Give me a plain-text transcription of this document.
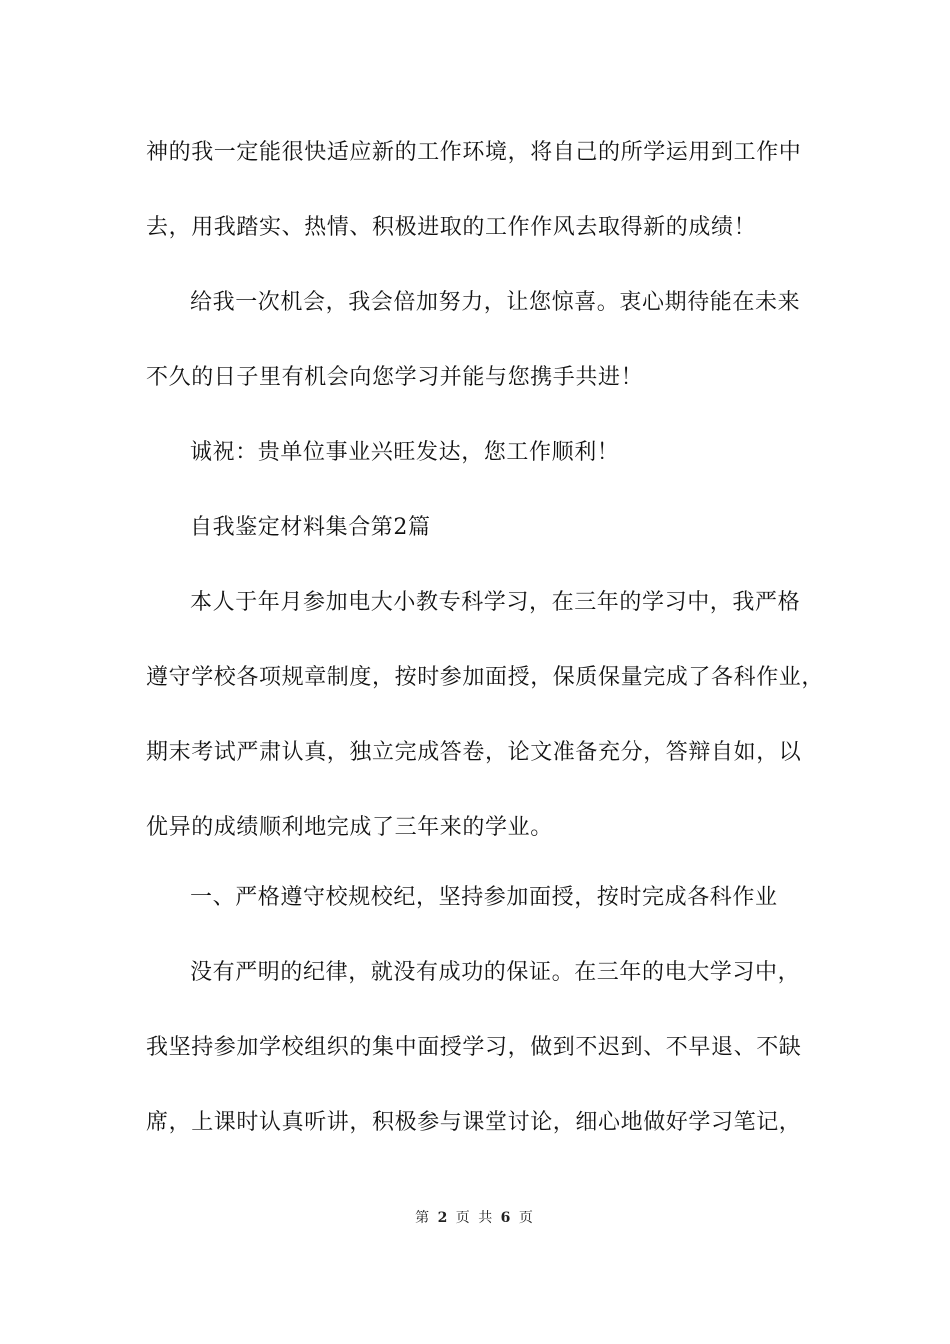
神的我一定能很快适应新的工作环境，将自己的所学运用到工作中
去，用我踏实、热情、积极进取的工作作风去取得新的成绩！
给我一次机会，我会倍加努力，让您惊喜。衷心期待能在未来
不久的日子里有机会向您学习并能与您携手共进！
诚祝：贵单位事业兴旺发达，您工作顺利！
自我鉴定材料集合第2篇
本人于年月参加电大小教专科学习，在三年的学习中，我严格
遵守学校各项规章制度，按时参加面授，保质保量完成了各科作业，
期末考试严肃认真，独立完成答卷，论文准备充分，答辩自如，以
优异的成绩顺利地完成了三年来的学业。
一、严格遵守校规校纪，坚持参加面授，按时完成各科作业
没有严明的纪律，就没有成功的保证。在三年的电大学习中，
我坚持参加学校组织的集中面授学习，做到不迟到、不早退、不缺
席，上课时认真听讲，积极参与课堂讨论，细心地做好学习笔记，
第 2 页 共 6 页
